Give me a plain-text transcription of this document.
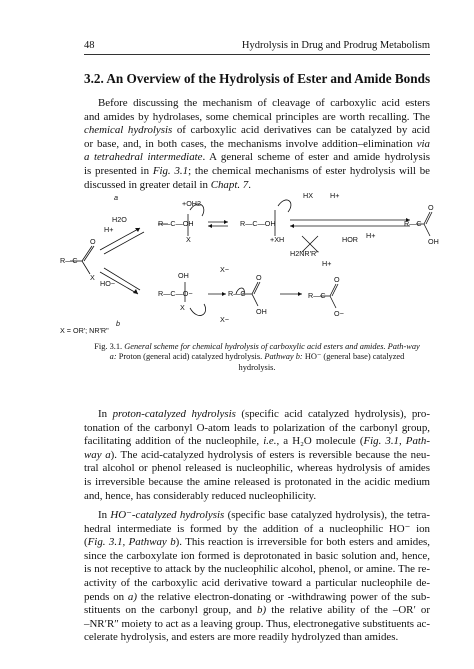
48	Hydrolysis in Drug and Prodrug Metabolism
3.2. An Overview of the Hydrolysis of Ester and Amide Bonds

Before discussing the mechanism of cleavage of carboxylic acid esters
and amides by hydrolases, some chemical principles are worth recalling. The
chemical hydrolysis of carboxylic acid derivatives can be catalyzed by acid
or base, and, in both cases, the mechanisms involve addition–elimination via
a tetrahedral intermediate. A general scheme of ester and amide hydrolysis
is presented in Fig. 3.1; the chemical mechanisms of ester hydrolysis will be
discussed in greater detail in Chapt. 7.

a
b
H+
H2O
HO−
R—C
O
X
+OH2
R—C—OH
X
R—C—OH
+XH
HX H+
HOR H+
H2NR'R"
H+
R—C
O
OH
OH
R—C—O−
X
X−
X−
R—C
O
OH
R—C
O
O−
X = OR'; NR'R"
Fig. 3.1. General scheme for chemical hydrolysis of carboxylic acid esters and amides. Path-way a: Proton (general acid) catalyzed hydrolysis. Pathway b: HO⁻ (general base) catalyzed hydrolysis.

In proton-catalyzed hydrolysis (specific acid catalyzed hydrolysis), pro-
tonation of the carbonyl O-atom leads to polarization of the carbonyl group,
facilitating addition of the nucleophile, i.e., a H₂O molecule (Fig. 3.1, Path-
way a). The acid-catalyzed hydrolysis of esters is reversible because the neu-
tral alcohol or phenol released is nucleophilic, whereas hydrolysis of amides
is irreversible because the amine released is protonated in the acidic medium
and, hence, has considerably reduced nucleophilicity.

In HO⁻-catalyzed hydrolysis (specific base catalyzed hydrolysis), the tetra-
hedral intermediate is formed by the addition of a nucleophilic HO⁻ ion
(Fig. 3.1, Pathway b). This reaction is irreversible for both esters and amides,
since the carboxylate ion formed is deprotonated in basic solution and, hence,
is not receptive to attack by the nucleophilic alcohol, phenol, or amine. The re-
activity of the carboxylic acid derivative toward a particular nucleophile de-
pends on a) the relative electron-donating or -withdrawing power of the sub-
stituents on the carbonyl group, and b) the relative ability of the –OR′ or
–NR′R″ moiety to act as a leaving group. Thus, electronegative substituents ac-
celerate hydrolysis, and esters are more readily hydrolyzed than amides.
